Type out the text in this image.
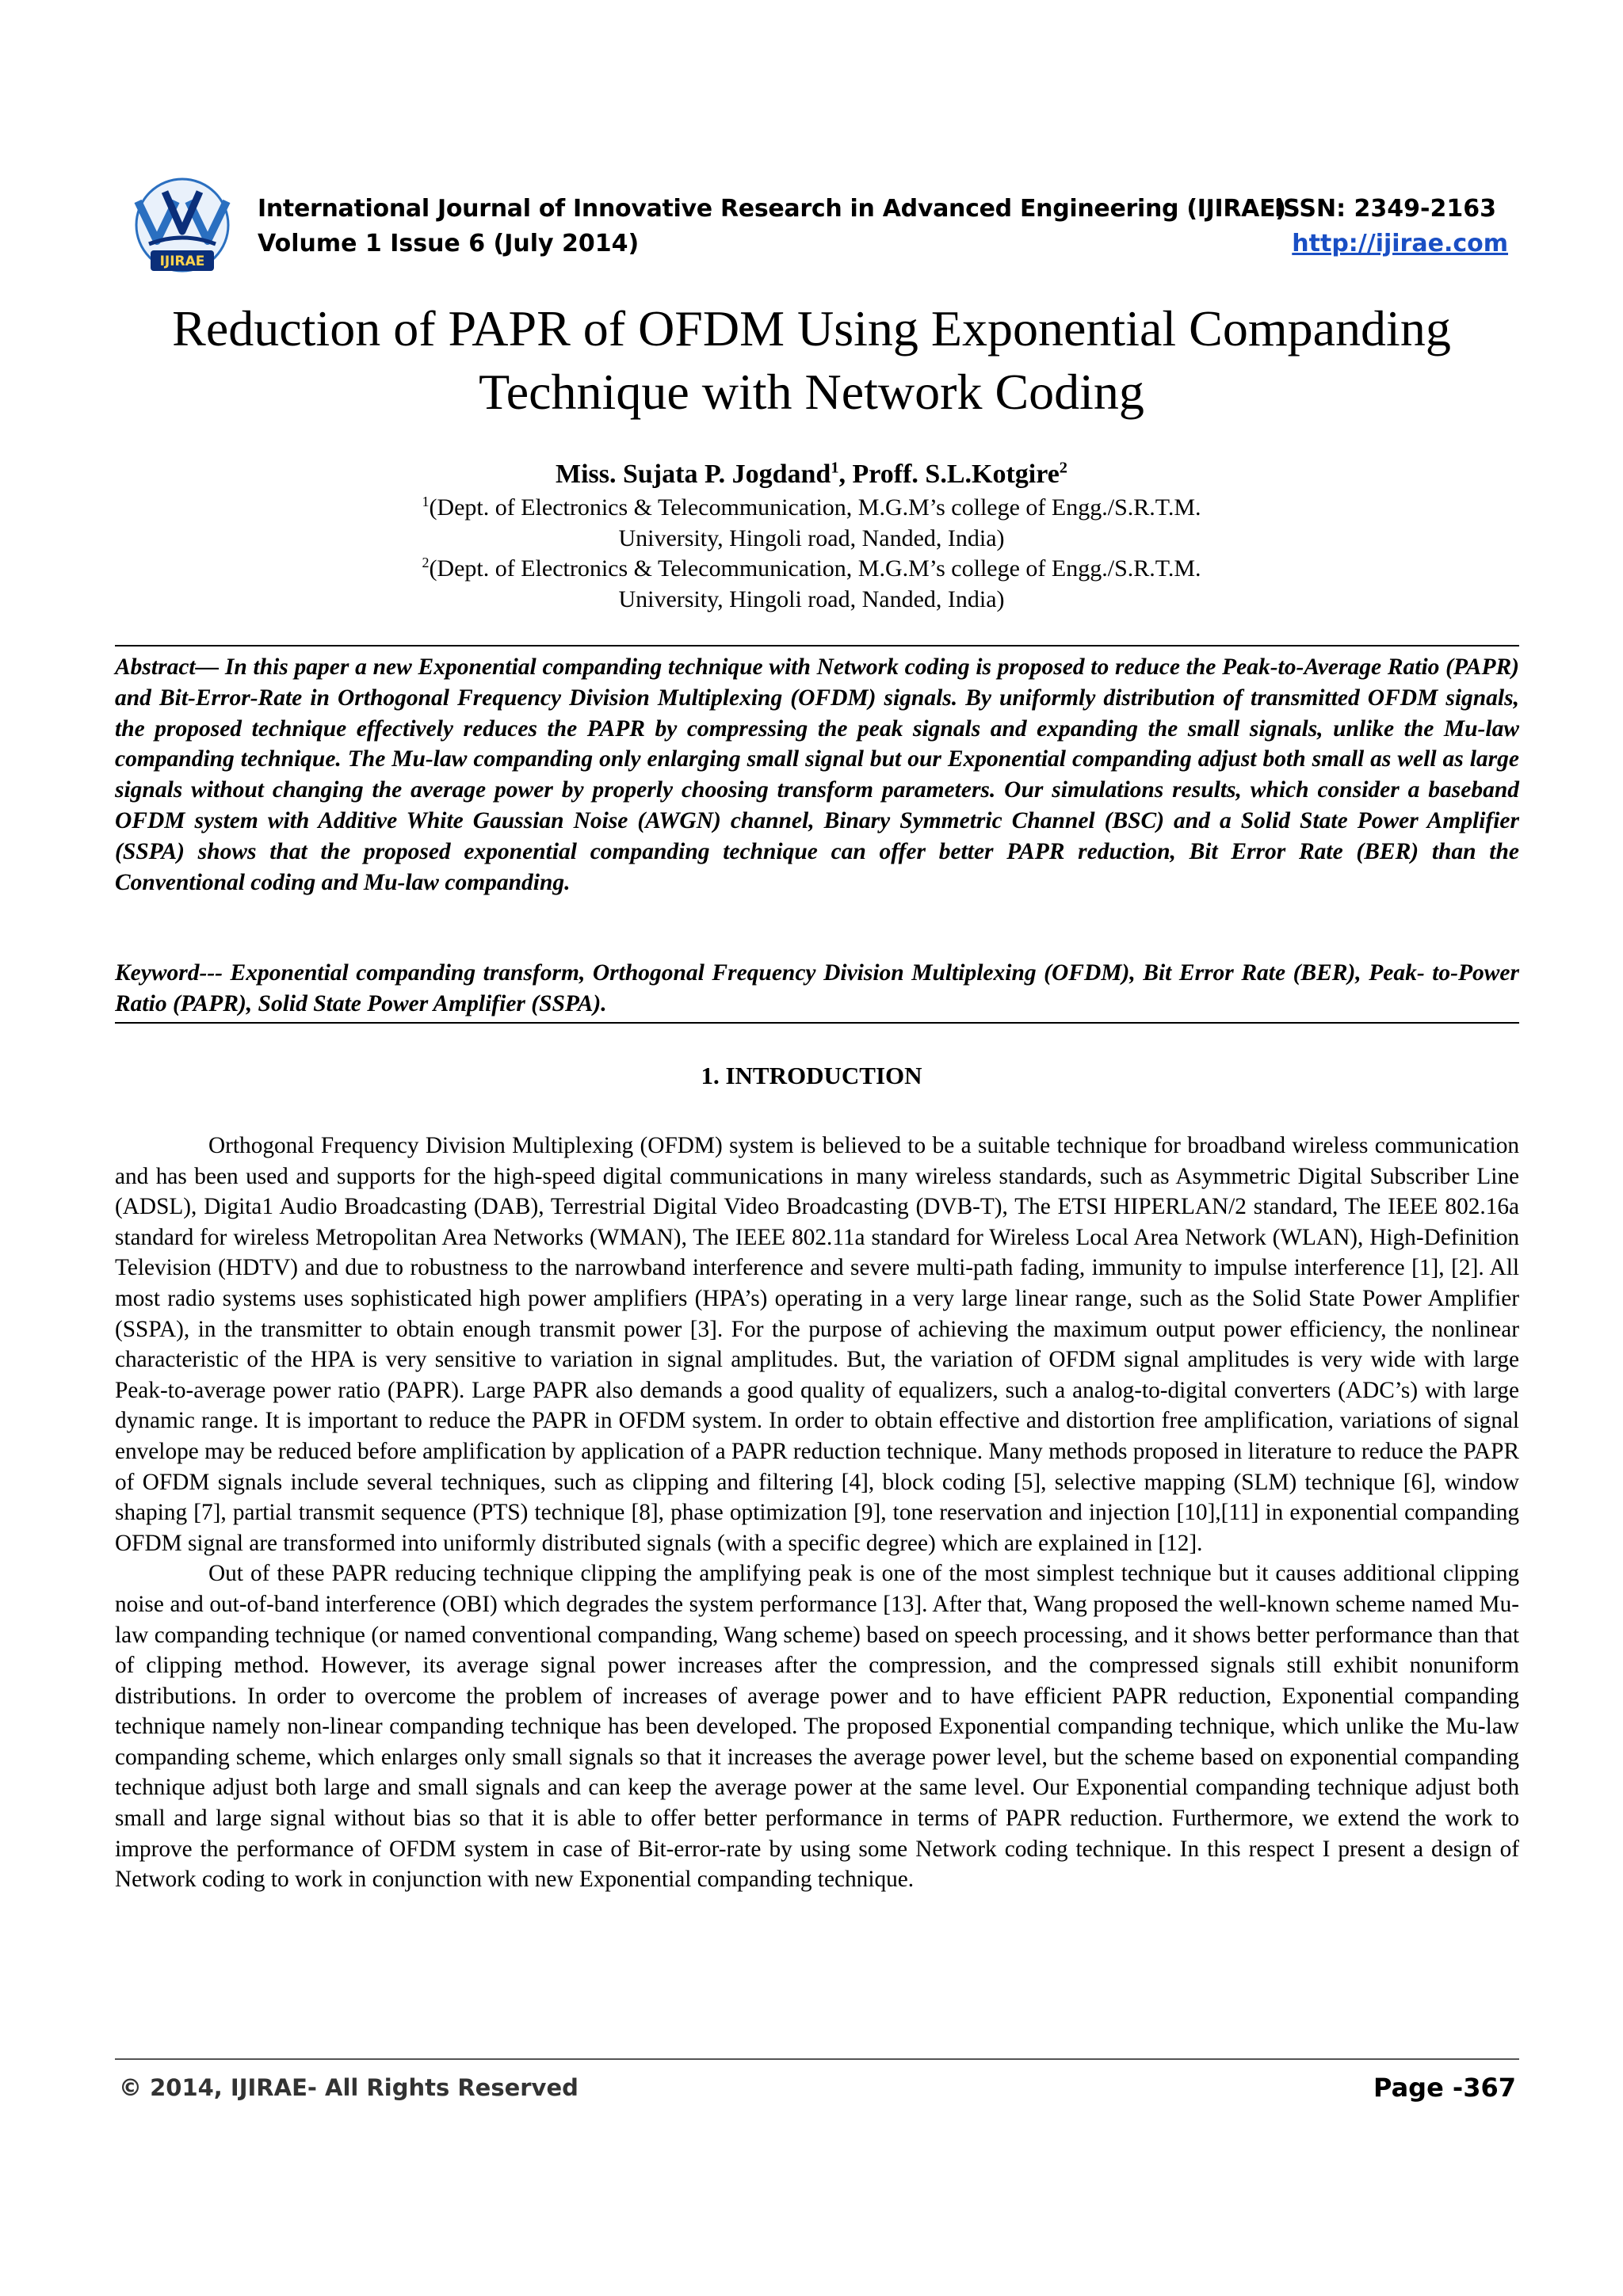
IJIRAE
International Journal of Innovative Research in Advanced Engineering (IJIRAE)
Volume 1 Issue 6 (July 2014)
ISSN: 2349-2163
http://ijirae.com
Reduction of PAPR of OFDM Using Exponential Companding
Technique with Network Coding
Miss. Sujata P. Jogdand$^1$, Proff. S.L.Kotgire$^2$
$^1$(Dept. of Electronics & Telecommunication, M.G.M’s college of Engg./S.R.T.M.
University, Hingoli road, Nanded, India)
$^2$(Dept. of Electronics & Telecommunication, M.G.M’s college of Engg./S.R.T.M.
University, Hingoli road, Nanded, India)
Abstract— In this paper a new Exponential companding technique with Network coding is proposed to reduce the Peak-to-Average Ratio (PAPR) and Bit-Error-Rate in Orthogonal Frequency Division Multiplexing (OFDM) signals. By uniformly distribution of transmitted OFDM signals, the proposed technique effectively reduces the PAPR by compressing the peak signals and expanding the small signals, unlike the Mu-law companding technique. The Mu-law companding only enlarging small signal but our Exponential companding adjust both small as well as large signals without changing the average power by properly choosing transform parameters. Our simulations results, which consider a baseband OFDM system with Additive White Gaussian Noise (AWGN) channel, Binary Symmetric Channel (BSC) and a Solid State Power Amplifier (SSPA) shows that the proposed exponential companding technique can offer better PAPR reduction, Bit Error Rate (BER) than the Conventional coding and Mu-law companding.
Keyword--- Exponential companding transform, Orthogonal Frequency Division Multiplexing (OFDM), Bit Error Rate (BER), Peak- to-Power Ratio (PAPR), Solid State Power Amplifier (SSPA).
1. INTRODUCTION

Orthogonal Frequency Division Multiplexing (OFDM) system is believed to be a suitable technique for broadband wireless communication and has been used and supports for the high-speed digital communications in many wireless standards, such as Asymmetric Digital Subscriber Line (ADSL), Digita1 Audio Broadcasting (DAB), Terrestrial Digital Video Broadcasting (DVB-T), The ETSI HIPERLAN/2 standard, The IEEE 802.16a standard for wireless Metropolitan Area Networks (WMAN), The IEEE 802.11a standard for Wireless Local Area Network (WLAN), High-Definition Television (HDTV) and due to robustness to the narrowband interference and severe multi-path fading, immunity to impulse interference [1], [2]. All most radio systems uses sophisticated high power amplifiers (HPA’s) operating in a very large linear range, such as the Solid State Power Amplifier (SSPA), in the transmitter to obtain enough transmit power [3]. For the purpose of achieving the maximum output power efficiency, the nonlinear characteristic of the HPA is very sensitive to variation in signal amplitudes. But, the variation of OFDM signal amplitudes is very wide with large Peak-to-average power ratio (PAPR). Large PAPR also demands a good quality of equalizers, such a analog-to-digital converters (ADC’s) with large dynamic range. It is important to reduce the PAPR in OFDM system. In order to obtain effective and distortion free amplification, variations of signal envelope may be reduced before amplification by application of a PAPR reduction technique. Many methods proposed in literature to reduce the PAPR of OFDM signals include several techniques, such as clipping and filtering [4], block coding [5], selective mapping (SLM) technique [6], window shaping [7], partial transmit sequence (PTS) technique [8], phase optimization [9], tone reservation and injection [10],[11] in exponential companding OFDM signal are transformed into uniformly distributed signals (with a specific degree) which are explained in [12].

Out of these PAPR reducing technique clipping the amplifying peak is one of the most simplest technique but it causes additional clipping noise and out-of-band interference (OBI) which degrades the system performance [13]. After that, Wang proposed the well-known scheme named Mu-law companding technique (or named conventional companding, Wang scheme) based on speech processing, and it shows better performance than that of clipping method. However, its average signal power increases after the compression, and the compressed signals still exhibit nonuniform distributions. In order to overcome the problem of increases of average power and to have efficient PAPR reduction, Exponential companding technique namely non-linear companding technique has been developed. The proposed Exponential companding technique, which unlike the Mu-law companding scheme, which enlarges only small signals so that it increases the average power level, but the scheme based on exponential companding technique adjust both large and small signals and can keep the average power at the same level. Our Exponential companding technique adjust both small and large signal without bias so that it is able to offer better performance in terms of PAPR reduction. Furthermore, we extend the work to improve the performance of OFDM system in case of Bit-error-rate by using some Network coding technique. In this respect I present a design of Network coding to work in conjunction with new Exponential companding technique.

© 2014, IJIRAE- All Rights Reserved	Page -367
